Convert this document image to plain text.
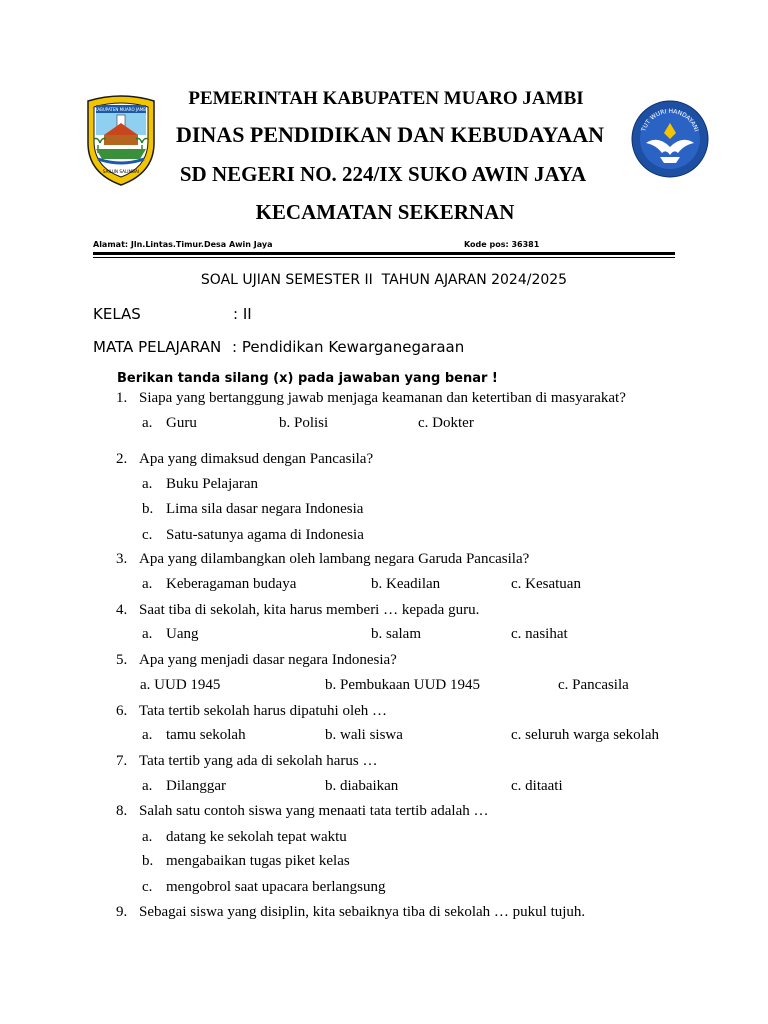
KABUPATEN MUARO JAMBI
SAILUN SALIMBAI
TUT WURI HANDAYANI
PEMERINTAH KABUPATEN MUARO JAMBI
DINAS PENDIDIKAN DAN KEBUDAYAAN
SD NEGERI NO. 224/IX SUKO AWIN JAYA
KECAMATAN SEKERNAN
Alamat: Jln.Lintas.Timur.Desa Awin Jaya	Kode pos: 36381
SOAL UJIAN SEMESTER II  TAHUN AJARAN 2024/2025
KELAS	: II
MATA PELAJARAN : Pendidikan Kewarganegaraan
Berikan tanda silang (x) pada jawaban yang benar !
1. Siapa yang bertanggung jawab menjaga keamanan dan ketertiban di masyarakat?
a. Guru	b. Polisi	c. Dokter
2. Apa yang dimaksud dengan Pancasila?
a. Buku Pelajaran
b. Lima sila dasar negara Indonesia
c. Satu-satunya agama di Indonesia
3. Apa yang dilambangkan oleh lambang negara Garuda Pancasila?
a. Keberagaman budaya	b. Keadilan	c. Kesatuan
4. Saat tiba di sekolah, kita harus memberi … kepada guru.
a. Uang	b. salam	c. nasihat
5. Apa yang menjadi dasar negara Indonesia?
a. UUD 1945	b. Pembukaan UUD 1945	c. Pancasila
6. Tata tertib sekolah harus dipatuhi oleh …
a. tamu sekolah	b. wali siswa	c. seluruh warga sekolah
7. Tata tertib yang ada di sekolah harus …
a. Dilanggar	b. diabaikan	c. ditaati
8. Salah satu contoh siswa yang menaati tata tertib adalah …
a. datang ke sekolah tepat waktu
b. mengabaikan tugas piket kelas
c. mengobrol saat upacara berlangsung
9. Sebagai siswa yang disiplin, kita sebaiknya tiba di sekolah … pukul tujuh.
